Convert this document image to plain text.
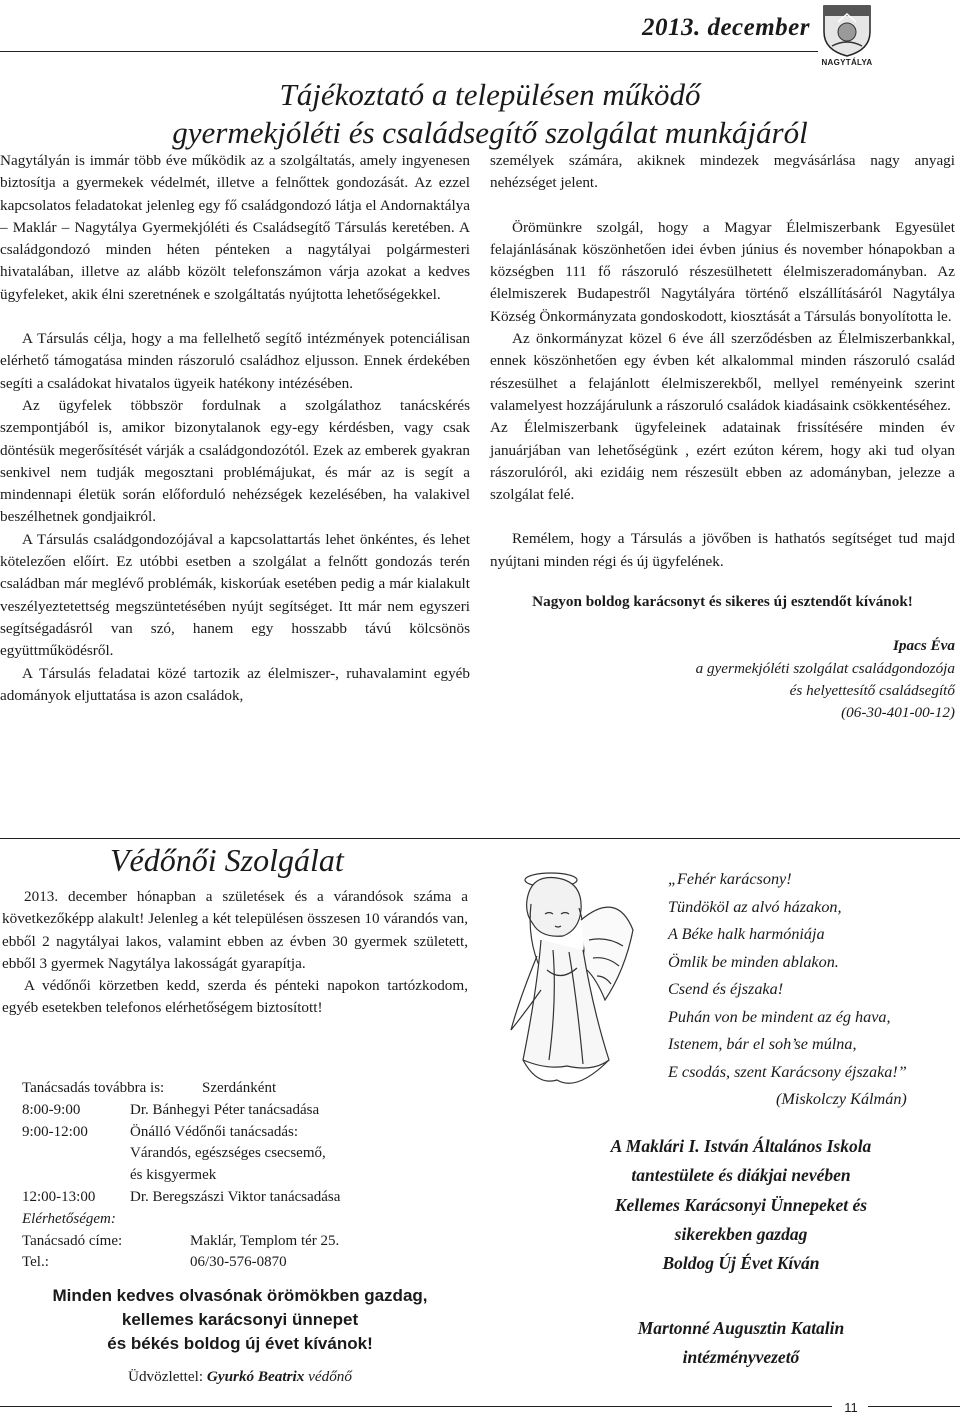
2013. december
NAGYTÁLYA
Tájékoztató a településen működő
gyermekjóléti és családsegítő szolgálat munkájáról

Nagytályán is immár több éve működik az a szolgáltatás, amely ingyenesen biztosítja a gyermekek védelmét, illetve a felnőttek gondozását. Az ezzel kapcsolatos feladatokat jelenleg egy fő családgondozó látja el Andornaktálya – Maklár – Nagytálya Gyermekjóléti és Családsegítő Társulás keretében. A családgondozó minden héten pénteken a nagytályai polgármesteri hivatalában, illetve az alább közölt telefonszámon várja azokat a kedves ügyfeleket, akik élni szeretnének e szolgáltatás nyújtotta lehetőségekkel.

A Társulás célja, hogy a ma fellelhető segítő intézmények potenciálisan elérhető támogatása minden rászoruló családhoz eljusson. Ennek érdekében segíti a családokat hivatalos ügyeik hatékony intézésében.

Az ügyfelek többször fordulnak a szolgálathoz tanácskérés szempontjából is, amikor bizonytalanok egy-egy kérdésben, vagy csak döntésük megerősítését várják a családgondozótól. Ezek az emberek gyakran senkivel nem tudják megosztani problémájukat, és már az is segít a mindennapi életük során előforduló nehézségek kezelésében, ha valakivel beszélhetnek gondjaikról.

A Társulás családgondozójával a kapcsolattartás lehet önkéntes, és lehet kötelezően előírt. Ez utóbbi esetben a szolgálat a felnőtt gondozás terén családban már meglévő problémák, kiskorúak esetében pedig a már kialakult veszélyeztetettség megszüntetésében nyújt segítséget. Itt már nem egyszeri segítségadásról van szó, hanem egy hosszabb távú kölcsönös együttműködésről.

A Társulás feladatai közé tartozik az élelmiszer-, ruhavalamint egyéb adományok eljuttatása is azon családok,

személyek számára, akiknek mindezek megvásárlása nagy anyagi nehézséget jelent.

Örömünkre szolgál, hogy a Magyar Élelmiszerbank Egyesület felajánlásának köszönhetően idei évben június és november hónapokban a községben 111 fő rászoruló részesülhetett élelmiszeradományban. Az élelmiszerek Budapestről Nagytályára történő elszállításáról Nagytálya Község Önkormányzata gondoskodott, kiosztását a Társulás bonyolította le.

Az önkormányzat közel 6 éve áll szerződésben az Élelmiszerbankkal, ennek köszönhetően egy évben két alkalommal minden rászoruló család részesülhet a felajánlott élelmiszerekből, mellyel reményeink szerint valamelyest hozzájárulunk a rászoruló családok kiadásaink csökkentéséhez.

Az Élelmiszerbank ügyfeleinek adatainak frissítésére minden év januárjában van lehetőségünk , ezért ezúton kérem, hogy aki tud olyan rászorulóról, aki ezidáig nem részesült ebben az adományban, jelezze a szolgálat felé.

Remélem, hogy a Társulás a jövőben is hathatós segítséget tud majd nyújtani minden régi és új ügyfelének.

Nagyon boldog karácsonyt és sikeres új esztendőt kívánok!

Ipacs Éva

a gyermekjóléti szolgálat családgondozója

és helyettesítő családsegítő

(06-30-401-00-12)

Védőnői Szolgálat

2013. december hónapban a születések és a várandósok száma a következőképp alakult! Jelenleg a két településen összesen 10 várandós van, ebből 2 nagytályai lakos, valamint ebben az évben 30 gyermek született, ebből 3 gyermek Nagytálya lakosságát gyarapítja.

A védőnői körzetben kedd, szerda és pénteki napokon tartózkodom, egyéb esetekben telefonos elérhetőségem biztosított!

Tanácsadás továbbra is:	Szerdánként
8:00-9:00	Dr. Bánhegyi Péter tanácsadása
9:00-12:00	Önálló Védőnői tanácsadás:
Várandós, egészséges csecsemő,
és kisgyermek
12:00-13:00 Dr. Beregszászi Viktor tanácsadása
Elérhetőségem:
Tanácsadó címe:	Maklár, Templom tér 25.
Tel.:	06/30-576-0870
Minden kedves olvasónak örömökben gazdag,
kellemes karácsonyi ünnepet
és békés boldog új évet kívánok!
Üdvözlettel: Gyurkó Beatrix védőnő
„Fehér karácsony!
Tündököl az alvó házakon,
A Béke halk harmóniája
Ömlik be minden ablakon.
Csend és éjszaka!
Puhán von be mindent az ég hava,
Istenem, bár el soh’se múlna,
E csodás, szent Karácsony éjszaka!”
(Miskolczy Kálmán)
A Maklári I. István Általános Iskola
tantestülete és diákjai nevében
Kellemes Karácsonyi Ünnepeket és
sikerekben gazdag
Boldog Új Évet Kíván
Martonné Augusztin Katalin
intézményvezető
11
